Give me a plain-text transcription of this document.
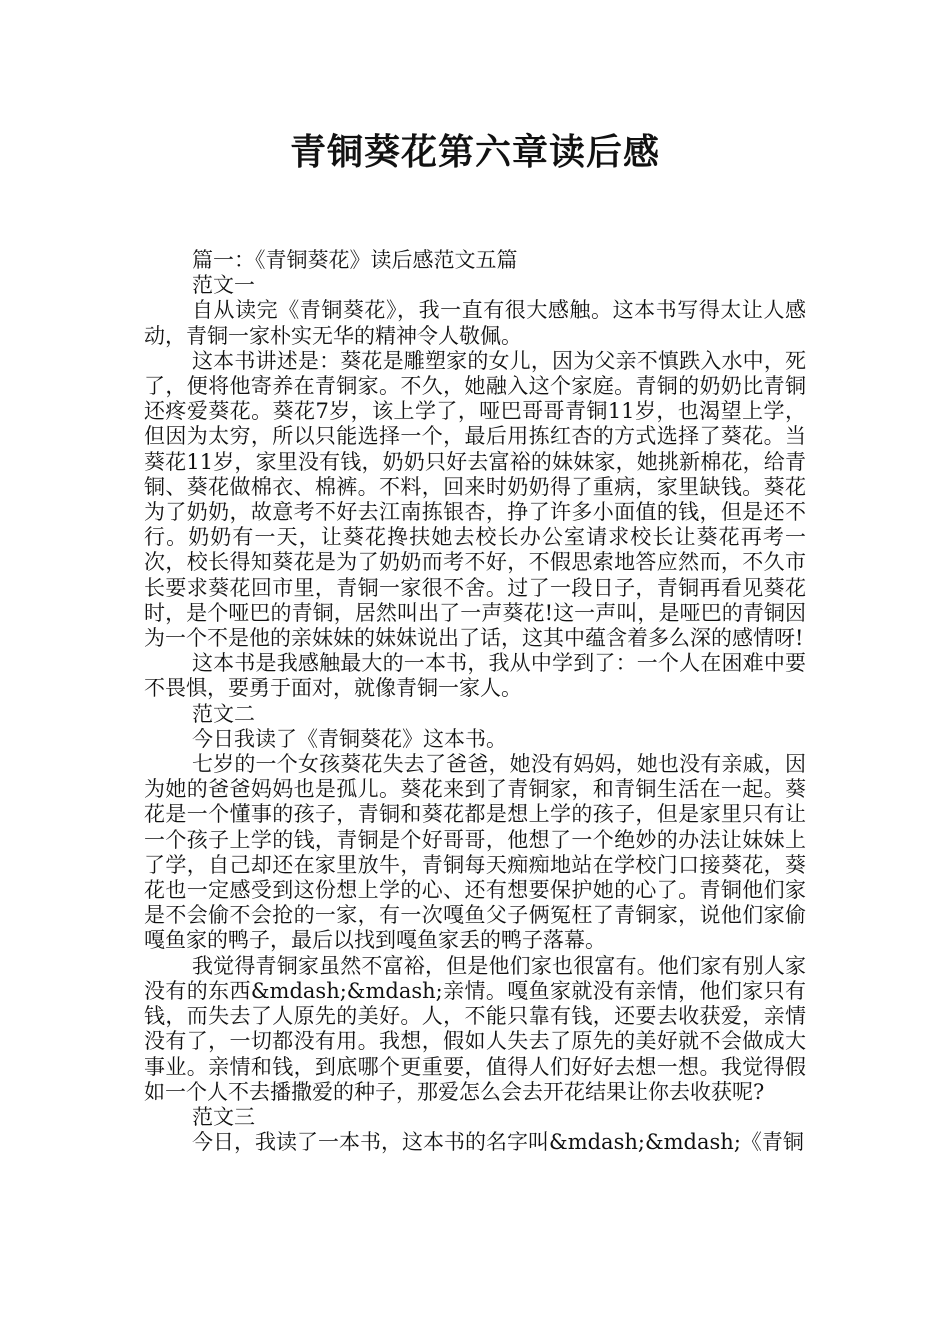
青铜葵花第六章读后感

篇一：《青铜葵花》读后感范文五篇

范文一

自从读完《青铜葵花》，我一直有很大感触。这本书写得太让人感动，青铜一家朴实无华的精神令人敬佩。

这本书讲述是：葵花是雕塑家的女儿，因为父亲不慎跌入水中，死了，便将他寄养在青铜家。不久，她融入这个家庭。青铜的奶奶比青铜还疼爱葵花。葵花7岁，该上学了，哑巴哥哥青铜11岁，也渴望上学，但因为太穷，所以只能选择一个，最后用拣红杏的方式选择了葵花。当葵花11岁，家里没有钱，奶奶只好去富裕的妹妹家，她挑新棉花，给青铜、葵花做棉衣、棉裤。不料，回来时奶奶得了重病，家里缺钱。葵花为了奶奶，故意考不好去江南拣银杏，挣了许多小面值的钱，但是还不行。奶奶有一天，让葵花搀扶她去校长办公室请求校长让葵花再考一次，校长得知葵花是为了奶奶而考不好，不假思索地答应然而，不久市长要求葵花回市里，青铜一家很不舍。过了一段日子，青铜再看见葵花时，是个哑巴的青铜，居然叫出了一声葵花!这一声叫，是哑巴的青铜因为一个不是他的亲妹妹的妹妹说出了话，这其中蕴含着多么深的感情呀!

这本书是我感触最大的一本书，我从中学到了：一个人在困难中要不畏惧，要勇于面对，就像青铜一家人。

范文二

今日我读了《青铜葵花》这本书。

七岁的一个女孩葵花失去了爸爸，她没有妈妈，她也没有亲戚，因为她的爸爸妈妈也是孤儿。葵花来到了青铜家，和青铜生活在一起。葵花是一个懂事的孩子，青铜和葵花都是想上学的孩子，但是家里只有让一个孩子上学的钱，青铜是个好哥哥，他想了一个绝妙的办法让妹妹上了学，自己却还在家里放牛，青铜每天痴痴地站在学校门口接葵花，葵花也一定感受到这份想上学的心、还有想要保护她的心了。青铜他们家是不会偷不会抢的一家，有一次嘎鱼父子俩冤枉了青铜家，说他们家偷嘎鱼家的鸭子，最后以找到嘎鱼家丢的鸭子落幕。

我觉得青铜家虽然不富裕，但是他们家也很富有。他们家有别人家没有的东西&mdash;&mdash;亲情。嘎鱼家就没有亲情，他们家只有钱，而失去了人原先的美好。人，不能只靠有钱，还要去收获爱，亲情没有了，一切都没有用。我想，假如人失去了原先的美好就不会做成大事业。亲情和钱，到底哪个更重要，值得人们好好去想一想。我觉得假如一个人不去播撒爱的种子，那爱怎么会去开花结果让你去收获呢?

范文三

今日，我读了一本书，这本书的名字叫&mdash;&mdash;《青铜
